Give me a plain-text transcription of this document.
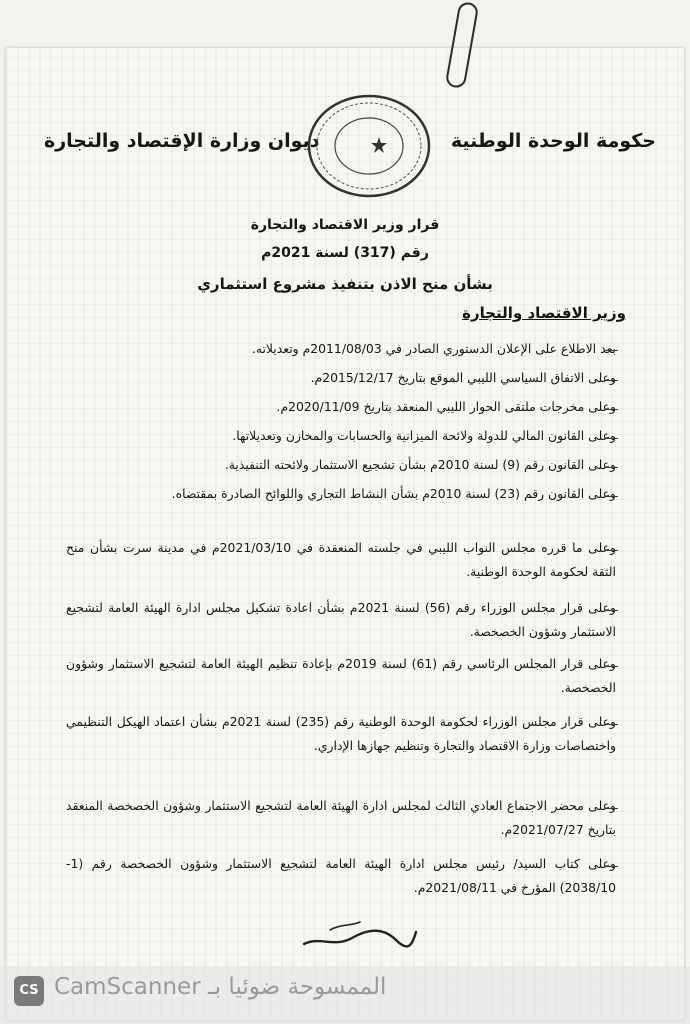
حكومة الوحدة الوطنية
ديوان وزارة الإقتصاد والتجارة
قرار وزير الاقتصاد والتجارة
رقم (317) لسنة 2021م
بشأن منح الاذن بتنفيذ مشروع استثماري
وزير الاقتصاد والتجارة

بعد الاطلاع على الإعلان الدستوري الصادر في 2011/08/03م وتعديلاته.

وعلى الاتفاق السياسي الليبي الموقع بتاريخ 2015/12/17م.

وعلى مخرجات ملتقى الحوار الليبي المنعقد بتاريخ 2020/11/09م.

وعلى القانون المالي للدولة ولائحة الميزانية والحسابات والمخازن وتعديلاتها.

وعلى القانون رقم (9) لسنة 2010م بشأن تشجيع الاستثمار ولائحته التنفيذية.

وعلى القانون رقم (23) لسنة 2010م بشأن النشاط التجاري واللوائح الصادرة بمقتضاه.

وعلى ما قرره مجلس النواب الليبي في جلسته المنعقدة في 2021/03/10م في مدينة سرت بشأن منح الثقة لحكومة الوحدة الوطنية.

وعلى قرار مجلس الوزراء رقم (56) لسنة 2021م بشأن اعادة تشكيل مجلس ادارة الهيئة العامة لتشجيع الاستثمار وشؤون الخصخصة.

وعلى قرار المجلس الرئاسي رقم (61) لسنة 2019م بإعادة تنظيم الهيئة العامة لتشجيع الاستثمار وشؤون الخصخصة.

وعلى قرار مجلس الوزراء لحكومة الوحدة الوطنية رقم (235) لسنة 2021م بشأن اعتماد الهيكل التنظيمي واختصاصات وزارة الاقتصاد والتجارة وتنظيم جهازها الإداري.

وعلى محضر الاجتماع العادي الثالث لمجلس ادارة الهيئة العامة لتشجيع الاستثمار وشؤون الخصخصة المنعقد بتاريخ 2021/07/27م.

وعلى كتاب السيد/ رئيس مجلس ادارة الهيئة العامة لتشجيع الاستثمار وشؤون الخصخصة رقم (1- 2038/10) المؤرخ في 2021/08/11م.

CS CamScanner الممسوحة ضوئيا بـ
